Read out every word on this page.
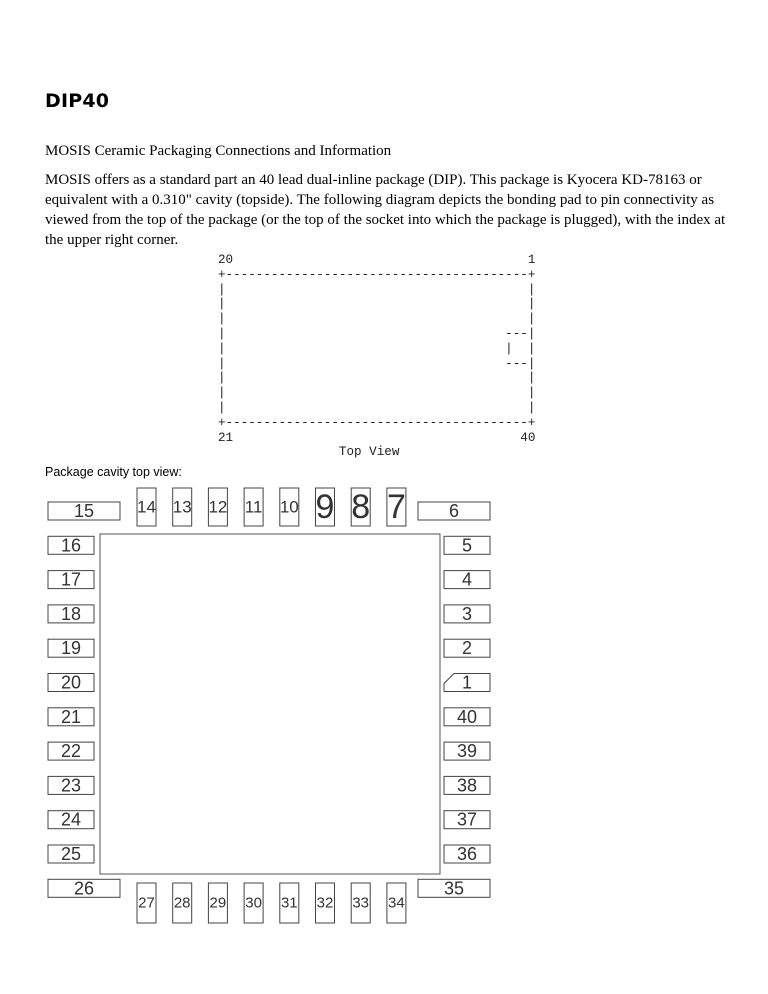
DIP40

MOSIS Ceramic Packaging Connections and Information

MOSIS offers as a standard part an 40 lead dual-inline package (DIP). This package is Kyocera KD-78163 or equivalent with a 0.310" cavity (topside). The following diagram depicts the bonding pad to pin connectivity as viewed from the top of the package (or the top of the socket into which the package is plugged), with the index at the upper right corner.

20                                       1
+----------------------------------------+
|                                        |
|                                        |
|                                        |
|                                     ---|
|                                     |  |
|                                     ---|
|                                        |
|                                        |
|                                        |
+----------------------------------------+
21                                      40
Top View

Package cavity top view:

15
16
17
18
19
20
21
22
23
24
25
26
6
5
4
3
2
1
40
39
38
37
36
35
14 13 12 11 10 9 8 7
27 28 29 30 31 32 33 34
